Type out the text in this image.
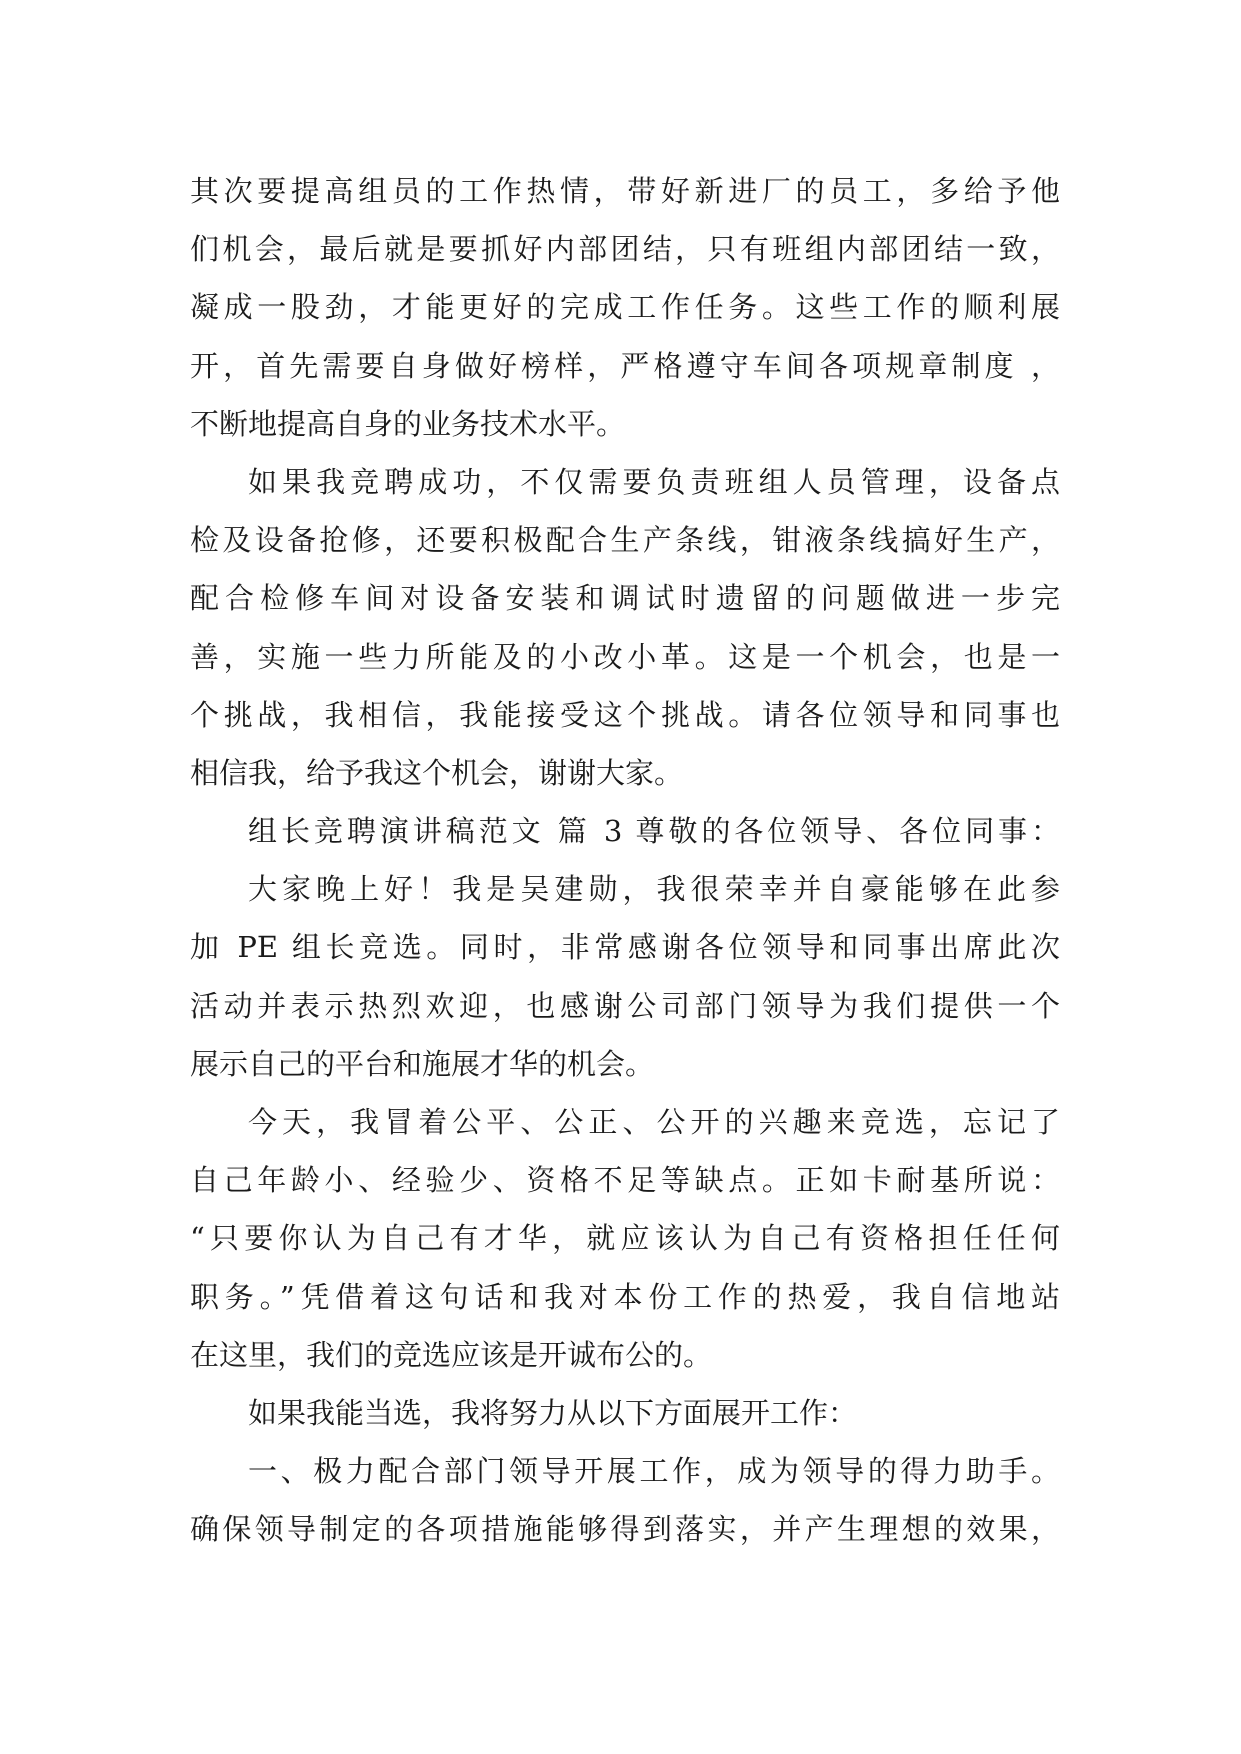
其次要提高组员的工作热情，带好新进厂的员工，多给予他
们机会，最后就是要抓好内部团结，只有班组内部团结一致，
凝成一股劲，才能更好的完成工作任务。这些工作的顺利展
开，首先需要自身做好榜样，严格遵守车间各项规章制度 ，
不断地提高自身的业务技术水平。
如果我竞聘成功，不仅需要负责班组人员管理，设备点
检及设备抢修，还要积极配合生产条线，钳液条线搞好生产，
配合检修车间对设备安装和调试时遗留的问题做进一步完
善，实施一些力所能及的小改小革。这是一个机会，也是一
个挑战，我相信，我能接受这个挑战。请各位领导和同事也
相信我，给予我这个机会，谢谢大家。
组长竞聘演讲稿范文 篇 3 尊敬的各位领导、各位同事：
大家晚上好！我是吴建勋，我很荣幸并自豪能够在此参
加 PE 组长竞选。同时，非常感谢各位领导和同事出席此次
活动并表示热烈欢迎，也感谢公司部门领导为我们提供一个
展示自己的平台和施展才华的机会。
今天，我冒着公平、公正、公开的兴趣来竞选，忘记了
自己年龄小、经验少、资格不足等缺点。正如卡耐基所说：
“只要你认为自己有才华，就应该认为自己有资格担任任何
职务。”凭借着这句话和我对本份工作的热爱，我自信地站
在这里，我们的竞选应该是开诚布公的。
如果我能当选，我将努力从以下方面展开工作：
一、极力配合部门领导开展工作，成为领导的得力助手。
确保领导制定的各项措施能够得到落实，并产生理想的效果，
